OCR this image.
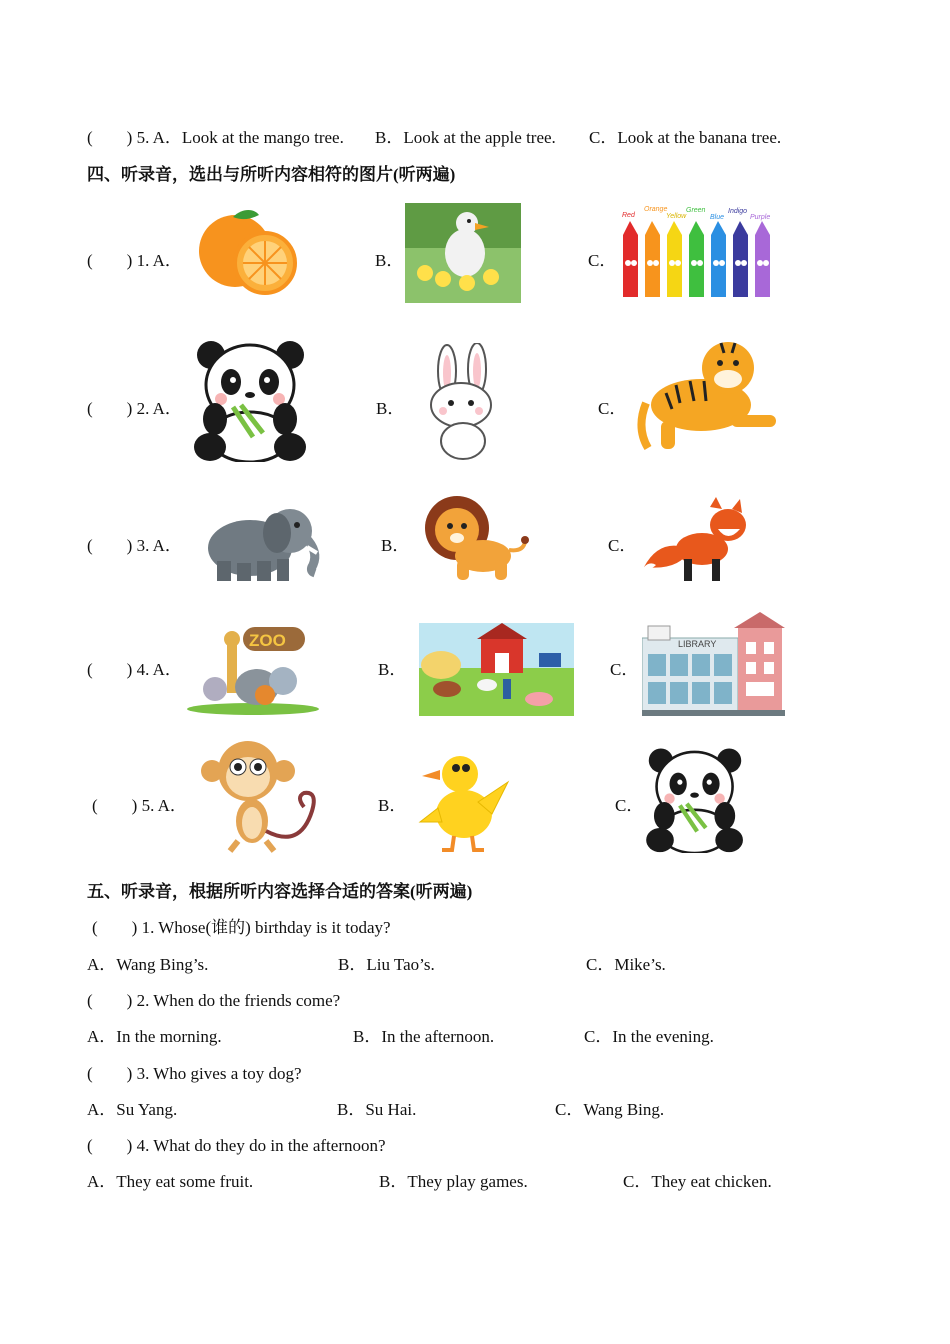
(　　) 5. A．Look at the mango tree. B．Look at the apple tree. C．Look at the banana tree.
四、听录音，选出与所听内容相符的图片(听两遍)
(　　) 1. A．	B．	C．
Red
Orange
Yellow
Green
Blue
Indigo
Purple
(　　) 2. A．	B．	C．
(　　) 3. A．	B．	C．
(　　) 4. A．
ZOO
B．	C．
LIBRARY
(　　) 5. A．	B．	C．
五、听录音，根据所听内容选择合适的答案(听两遍)
(　　) 1. Whose(谁的) birthday is it today?
A．Wang Bing’s.	B．Liu Tao’s.	C．Mike’s.
(　　) 2. When do the friends come?
A．In the morning.	B．In the afternoon.	C．In the evening.
(　　) 3. Who gives a toy dog?
A．Su Yang.	B．Su Hai.	C．Wang Bing.
(　　) 4. What do they do in the afternoon?
A．They eat some fruit.	B．They play games.	C．They eat chicken.
